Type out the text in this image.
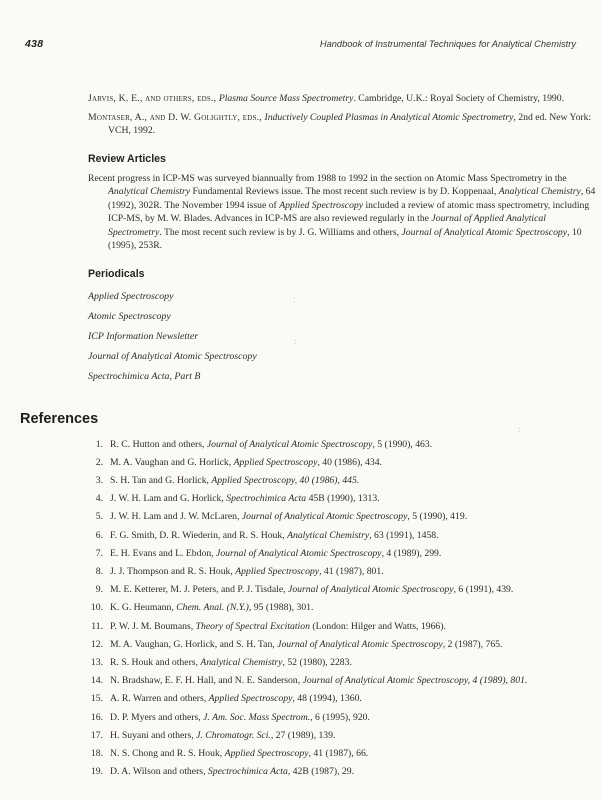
438	Handbook of Instrumental Techniques for Analytical Chemistry
Jarvis, K. E., and others, eds., Plasma Source Mass Spectrometry. Cambridge, U.K.: Royal Society of Chemistry, 1990.
Montaser, A., and D. W. Golightly, eds., Inductively Coupled Plasmas in Analytical Atomic Spectrometry, 2nd ed. New York: VCH, 1992.
Review Articles

Recent progress in ICP-MS was surveyed biannually from 1988 to 1992 in the section on Atomic Mass Spectrometry in the Analytical Chemistry Fundamental Reviews issue. The most recent such review is by D. Koppenaal, Analytical Chemistry, 64 (1992), 302R. The November 1994 issue of Applied Spectroscopy included a review of atomic mass spectrometry, including ICP-MS, by M. W. Blades. Advances in ICP-MS are also reviewed regularly in the Journal of Applied Analytical Spectrometry. The most recent such review is by J. G. Williams and others, Journal of Analytical Atomic Spectroscopy, 10 (1995), 253R.

Periodicals
Applied Spectroscopy
Atomic Spectroscopy
ICP Information Newsletter
Journal of Analytical Atomic Spectroscopy
Spectrochimica Acta, Part B
References
1. R. C. Hutton and others, Journal of Analytical Atomic Spectroscopy, 5 (1990), 463.
2. M. A. Vaughan and G. Horlick, Applied Spectroscopy, 40 (1986), 434.
3. S. H. Tan and G. Horlick, Applied Spectroscopy, 40 (1986), 445.
4. J. W. H. Lam and G. Horlick, Spectrochimica Acta 45B (1990), 1313.
5. J. W. H. Lam and J. W. McLaren, Journal of Analytical Atomic Spectroscopy, 5 (1990), 419.
6. F. G. Smith, D. R. Wiederin, and R. S. Houk, Analytical Chemistry, 63 (1991), 1458.
7. E. H. Evans and L. Ebdon, Journal of Analytical Atomic Spectroscopy, 4 (1989), 299.
8. J. J. Thompson and R. S. Houk, Applied Spectroscopy, 41 (1987), 801.
9. M. E. Ketterer, M. J. Peters, and P. J. Tisdale, Journal of Analytical Atomic Spectroscopy, 6 (1991), 439.
10. K. G. Heumann, Chem. Anal. (N.Y.), 95 (1988), 301.
11. P. W. J. M. Boumans, Theory of Spectral Excitation (London: Hilger and Watts, 1966).
12. M. A. Vaughan, G. Horlick, and S. H. Tan, Journal of Analytical Atomic Spectroscopy, 2 (1987), 765.
13. R. S. Houk and others, Analytical Chemistry, 52 (1980), 2283.
14. N. Bradshaw, E. F. H. Hall, and N. E. Sanderson, Journal of Analytical Atomic Spectroscopy, 4 (1989), 801.
15. A. R. Warren and others, Applied Spectroscopy, 48 (1994), 1360.
16. D. P. Myers and others, J. Am. Soc. Mass Spectrom., 6 (1995), 920.
17. H. Suyani and others, J. Chromatogr. Sci., 27 (1989), 139.
18. N. S. Chong and R. S. Houk, Applied Spectroscopy, 41 (1987), 66.
19. D. A. Wilson and others, Spectrochimica Acta, 42B (1987), 29.
:
:
:
